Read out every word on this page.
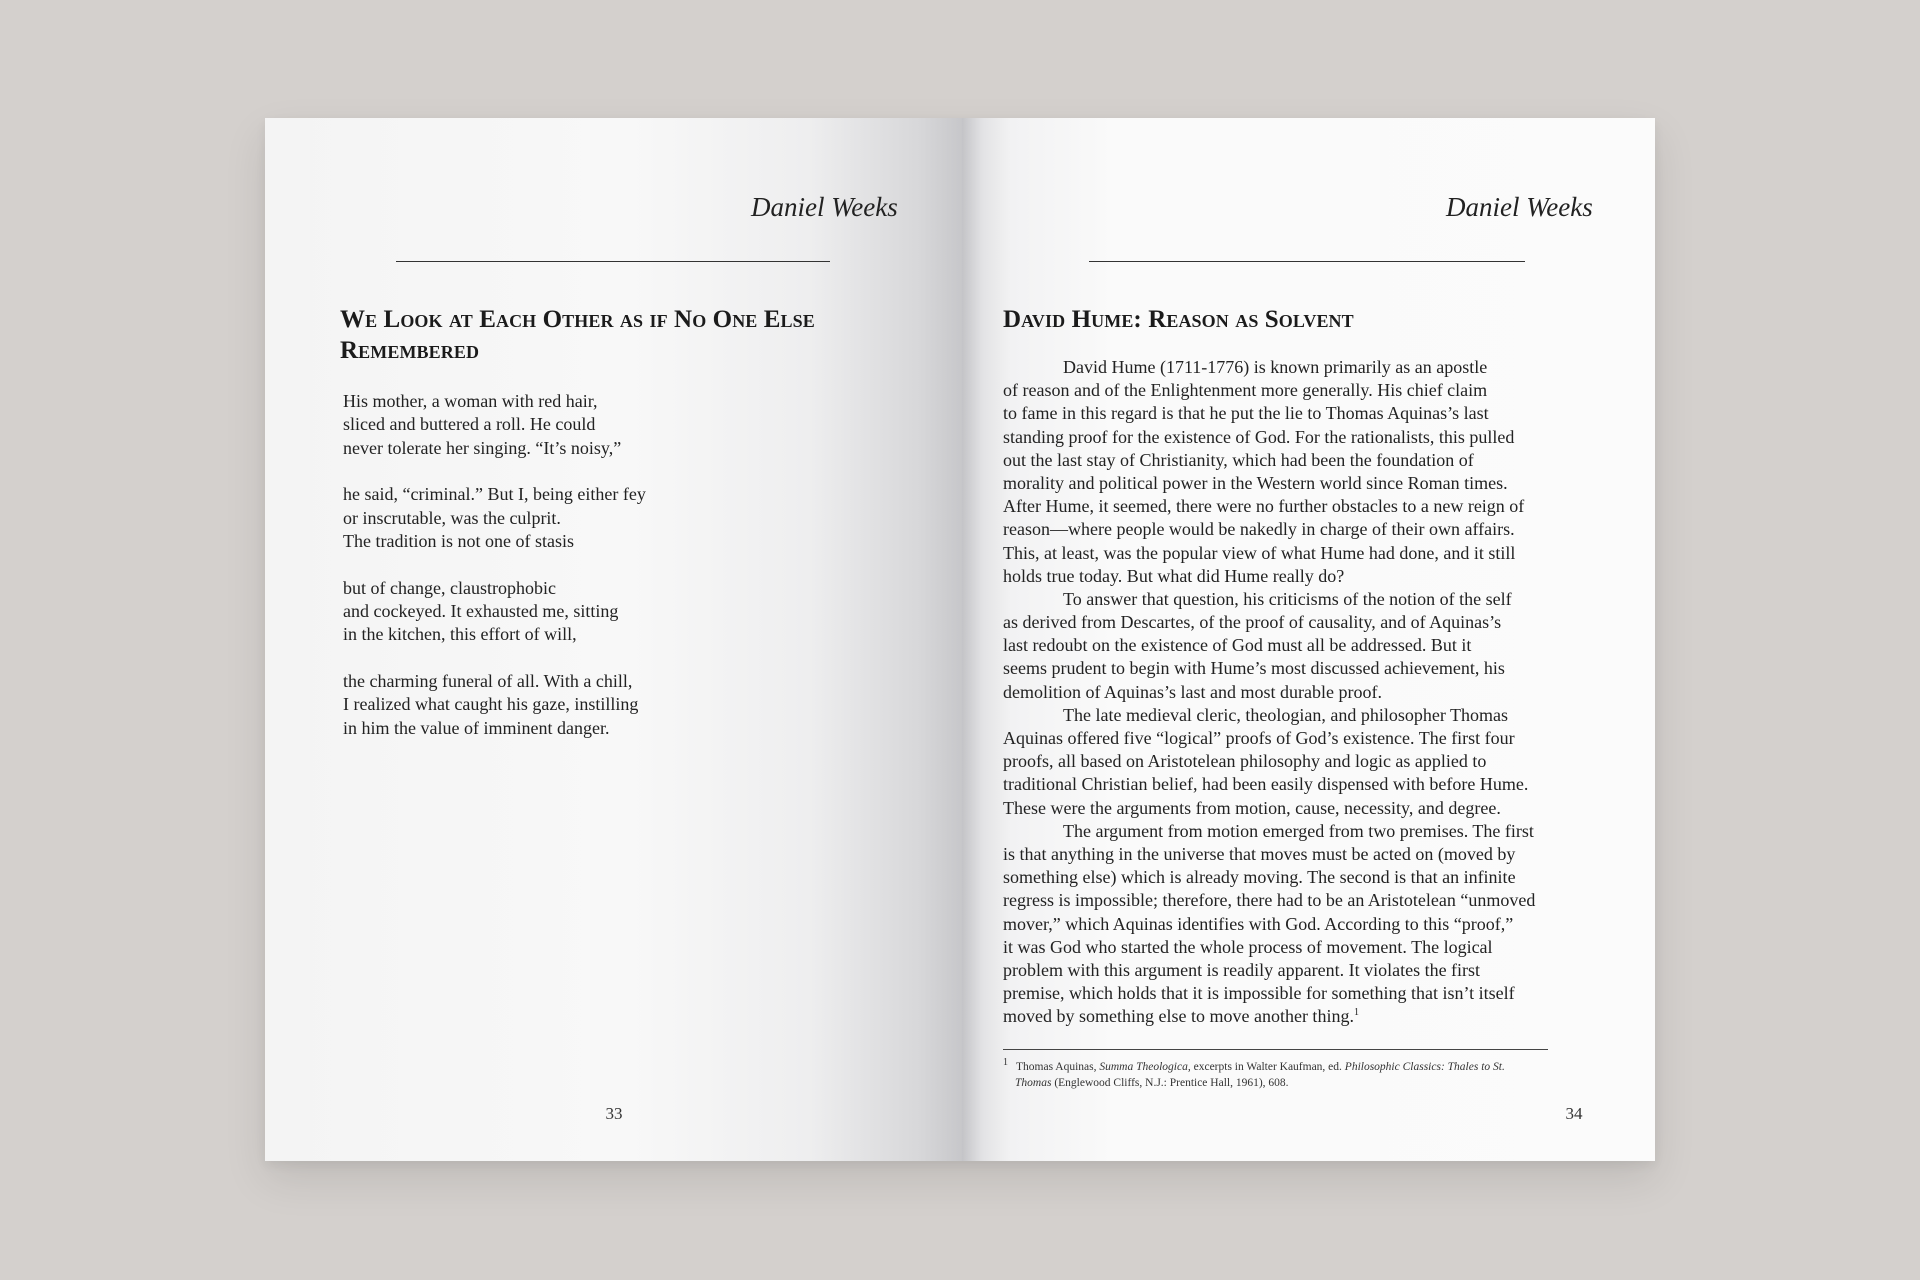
Daniel Weeks
We Look at Each Other as if No One Else
Remembered
His mother, a woman with red hair,
sliced and buttered a roll. He could
never tolerate her singing. “It’s noisy,”
he said, “criminal.” But I, being either fey
or inscrutable, was the culprit.
The tradition is not one of stasis
but of change, claustrophobic
and cockeyed. It exhausted me, sitting
in the kitchen, this effort of will,
the charming funeral of all. With a chill,
I realized what caught his gaze, instilling
in him the value of imminent danger.
33
Daniel Weeks
David Hume: Reason as Solvent
David Hume (1711-1776) is known primarily as an apostle
of reason and of the Enlightenment more generally. His chief claim
to fame in this regard is that he put the lie to Thomas Aquinas’s last
standing proof for the existence of God. For the rationalists, this pulled
out the last stay of Christianity, which had been the foundation of
morality and political power in the Western world since Roman times.
After Hume, it seemed, there were no further obstacles to a new reign of
reason—where people would be nakedly in charge of their own affairs.
This, at least, was the popular view of what Hume had done, and it still
holds true today. But what did Hume really do?
To answer that question, his criticisms of the notion of the self
as derived from Descartes, of the proof of causality, and of Aquinas’s
last redoubt on the existence of God must all be addressed. But it
seems prudent to begin with Hume’s most discussed achievement, his
demolition of Aquinas’s last and most durable proof.
The late medieval cleric, theologian, and philosopher Thomas
Aquinas offered five “logical” proofs of God’s existence. The first four
proofs, all based on Aristotelean philosophy and logic as applied to
traditional Christian belief, had been easily dispensed with before Hume.
These were the arguments from motion, cause, necessity, and degree.
The argument from motion emerged from two premises. The first
is that anything in the universe that moves must be acted on (moved by
something else) which is already moving. The second is that an infinite
regress is impossible; therefore, there had to be an Aristotelean “unmoved
mover,” which Aquinas identifies with God. According to this “proof,”
it was God who started the whole process of movement. The logical
problem with this argument is readily apparent. It violates the first
premise, which holds that it is impossible for something that isn’t itself
moved by something else to move another thing.$^1$
1 Thomas Aquinas, Summa Theologica, excerpts in Walter Kaufman, ed. Philosophic Classics: Thales to St.
Thomas (Englewood Cliffs, N.J.: Prentice Hall, 1961), 608.
34
